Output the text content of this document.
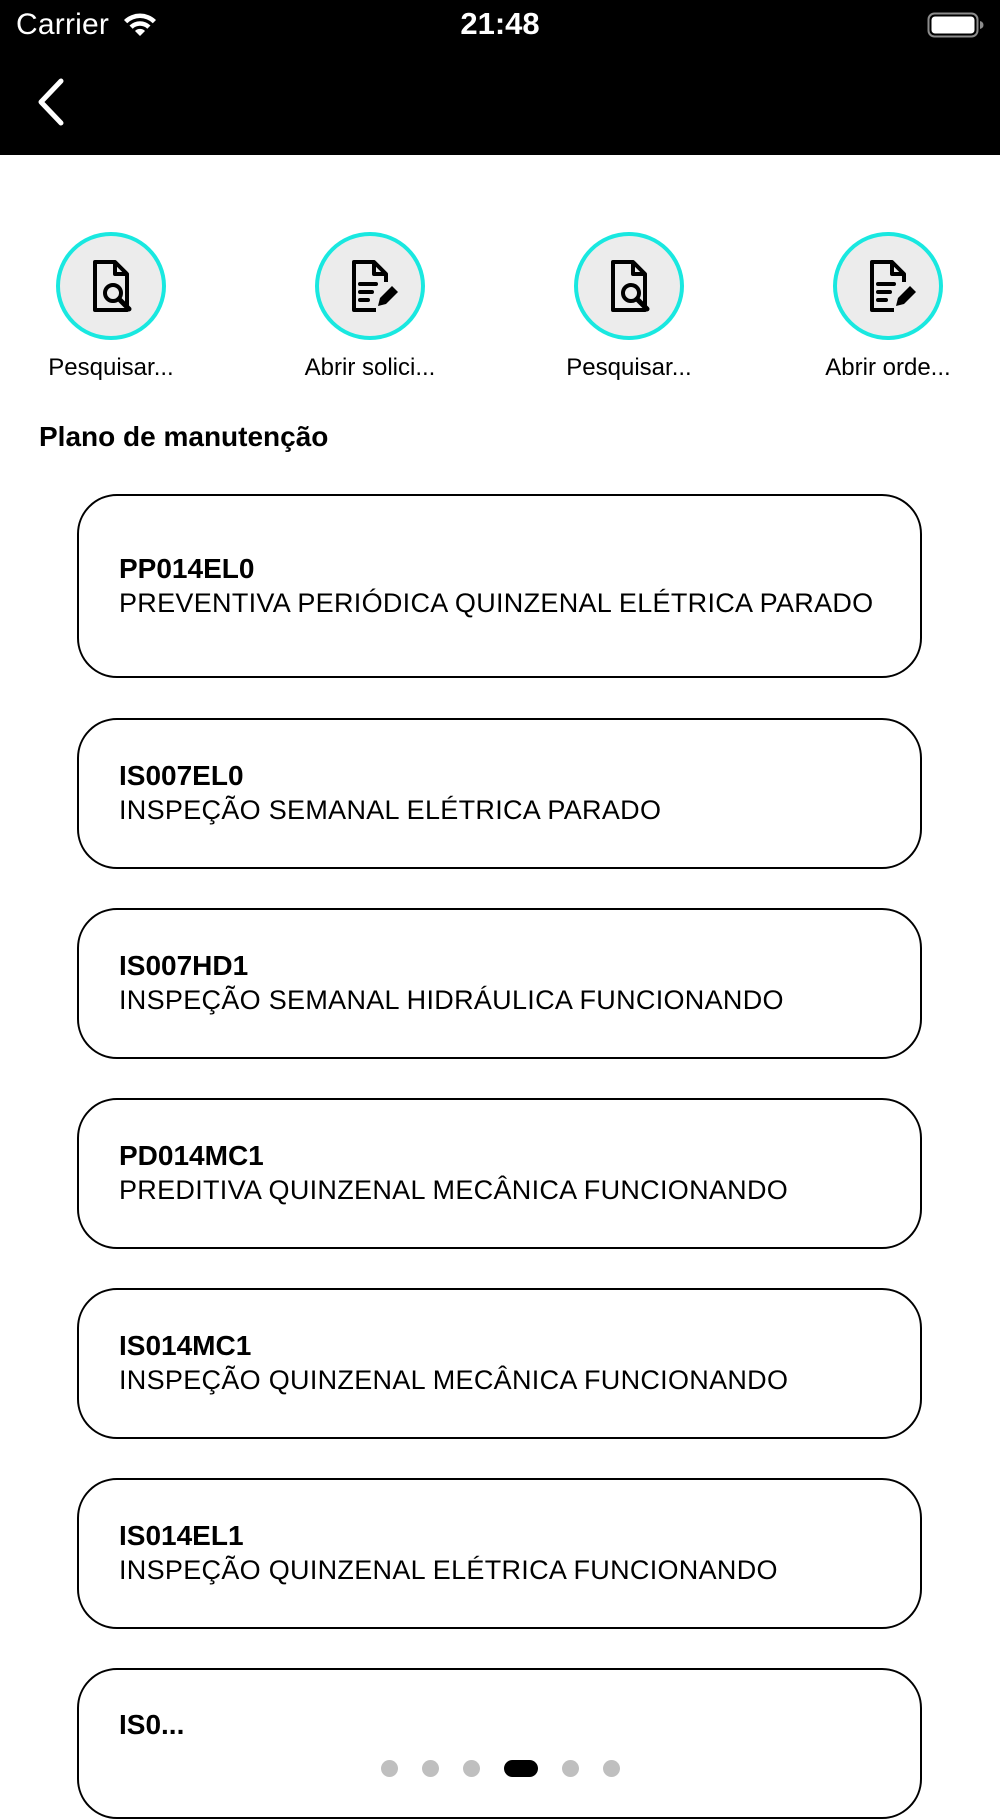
Carrier	21:48
Pesquisar...	Abrir solici...	Pesquisar...	Abrir orde...
Plano de manutenção
PP014EL0
PREVENTIVA PERIÓDICA QUINZENAL ELÉTRICA PARADO
IS007EL0
INSPEÇÃO SEMANAL ELÉTRICA PARADO
IS007HD1
INSPEÇÃO SEMANAL HIDRÁULICA FUNCIONANDO
PD014MC1
PREDITIVA QUINZENAL MECÂNICA FUNCIONANDO
IS014MC1
INSPEÇÃO QUINZENAL MECÂNICA FUNCIONANDO
IS014EL1
INSPEÇÃO QUINZENAL ELÉTRICA FUNCIONANDO
IS0...
